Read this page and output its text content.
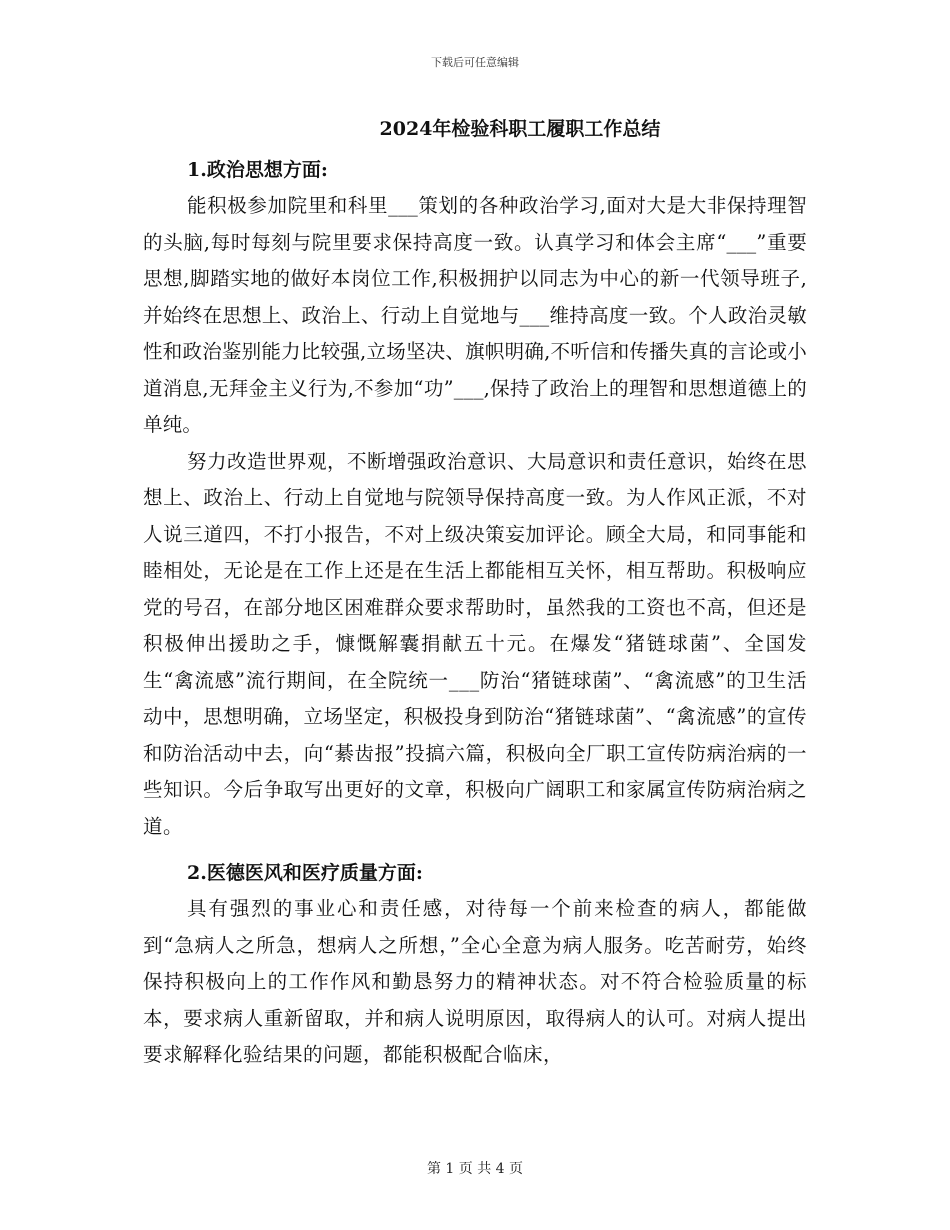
下载后可任意编辑
2024年检验科职工履职工作总结
1.政治思想方面:

能积极参加院里和科里___策划的各种政治学习,面对大是大非保持理智的头脑,每时每刻与院里要求保持高度一致。认真学习和体会主席“___”重要思想,脚踏实地的做好本岗位工作,积极拥护以同志为中心的新一代领导班子,并始终在思想上、政治上、行动上自觉地与___维持高度一致。个人政治灵敏性和政治鉴别能力比较强,立场坚决、旗帜明确,不听信和传播失真的言论或小道消息,无拜金主义行为,不参加“功”___,保持了政治上的理智和思想道德上的单纯。

努力改造世界观，不断增强政治意识、大局意识和责任意识，始终在思想上、政治上、行动上自觉地与院领导保持高度一致。为人作风正派，不对人说三道四，不打小报告，不对上级决策妄加评论。顾全大局，和同事能和睦相处，无论是在工作上还是在生活上都能相互关怀，相互帮助。积极响应党的号召，在部分地区困难群众要求帮助时，虽然我的工资也不高，但还是积极伸出援助之手，慷慨解囊捐献五十元。在爆发“猪链球菌”、全国发生“禽流感”流行期间，在全院统一___防治“猪链球菌”、“禽流感”的卫生活动中，思想明确，立场坚定，积极投身到防治“猪链球菌”、“禽流感”的宣传和防治活动中去，向“綦齿报”投搞六篇，积极向全厂职工宣传防病治病的一些知识。今后争取写出更好的文章，积极向广阔职工和家属宣传防病治病之道。

2.医德医风和医疗质量方面:

具有强烈的事业心和责任感，对待每一个前来检查的病人，都能做到“急病人之所急，想病人之所想，”全心全意为病人服务。吃苦耐劳，始终保持积极向上的工作作风和勤恳努力的精神状态。对不符合检验质量的标本，要求病人重新留取，并和病人说明原因，取得病人的认可。对病人提出要求解释化验结果的问题，都能积极配合临床，

第 1 页 共 4 页
